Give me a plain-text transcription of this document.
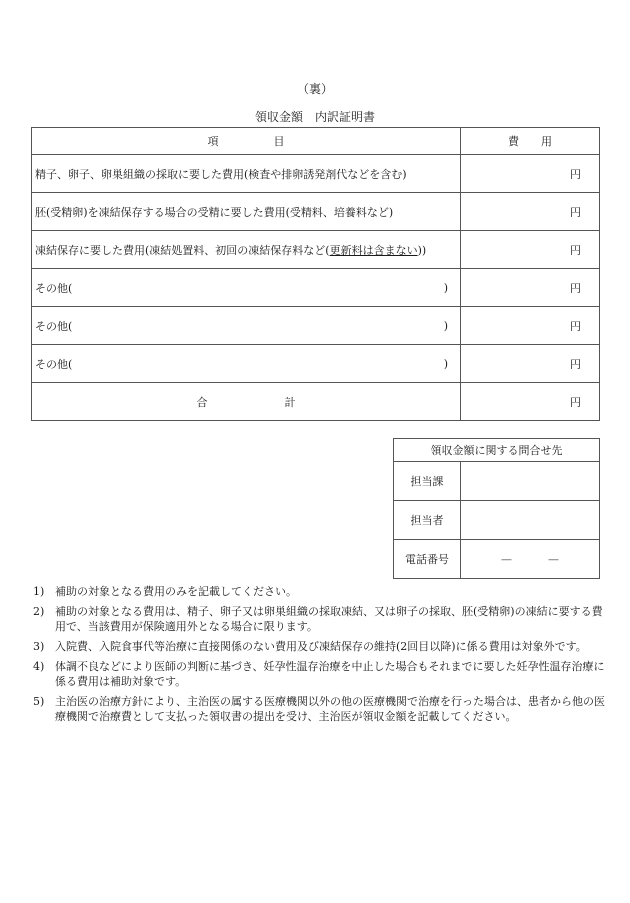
（裏）
領収金額　内訳証明書
項　　　　　目	費　　用
精子、卵子、卵巣組織の採取に要した費用(検査や排卵誘発剤代などを含む)	円
胚(受精卵)を凍結保存する場合の受精に要した費用(受精料、培養料など)	円
凍結保存に要した費用(凍結処置料、初回の凍結保存料など(更新料は含まない))	円
その他( )	円
その他( )	円
その他( )	円
合　　　　　　　計	円
領収金額に関する問合せ先	
担当課	
担当者	
電話番号	— —
1) 補助の対象となる費用のみを記載してください。
2) 補助の対象となる費用は、精子、卵子又は卵巣組織の採取凍結、又は卵子の採取、胚(受精卵)の凍結に要する費用で、当該費用が保険適用外となる場合に限ります。
3) 入院費、入院食事代等治療に直接関係のない費用及び凍結保存の維持(2回目以降)に係る費用は対象外です。
4) 体調不良などにより医師の判断に基づき、妊孕性温存治療を中止した場合もそれまでに要した妊孕性温存治療に係る費用は補助対象です。
5) 主治医の治療方針により、主治医の属する医療機関以外の他の医療機関で治療を行った場合は、患者から他の医療機関で治療費として支払った領収書の提出を受け、主治医が領収金額を記載してください。
